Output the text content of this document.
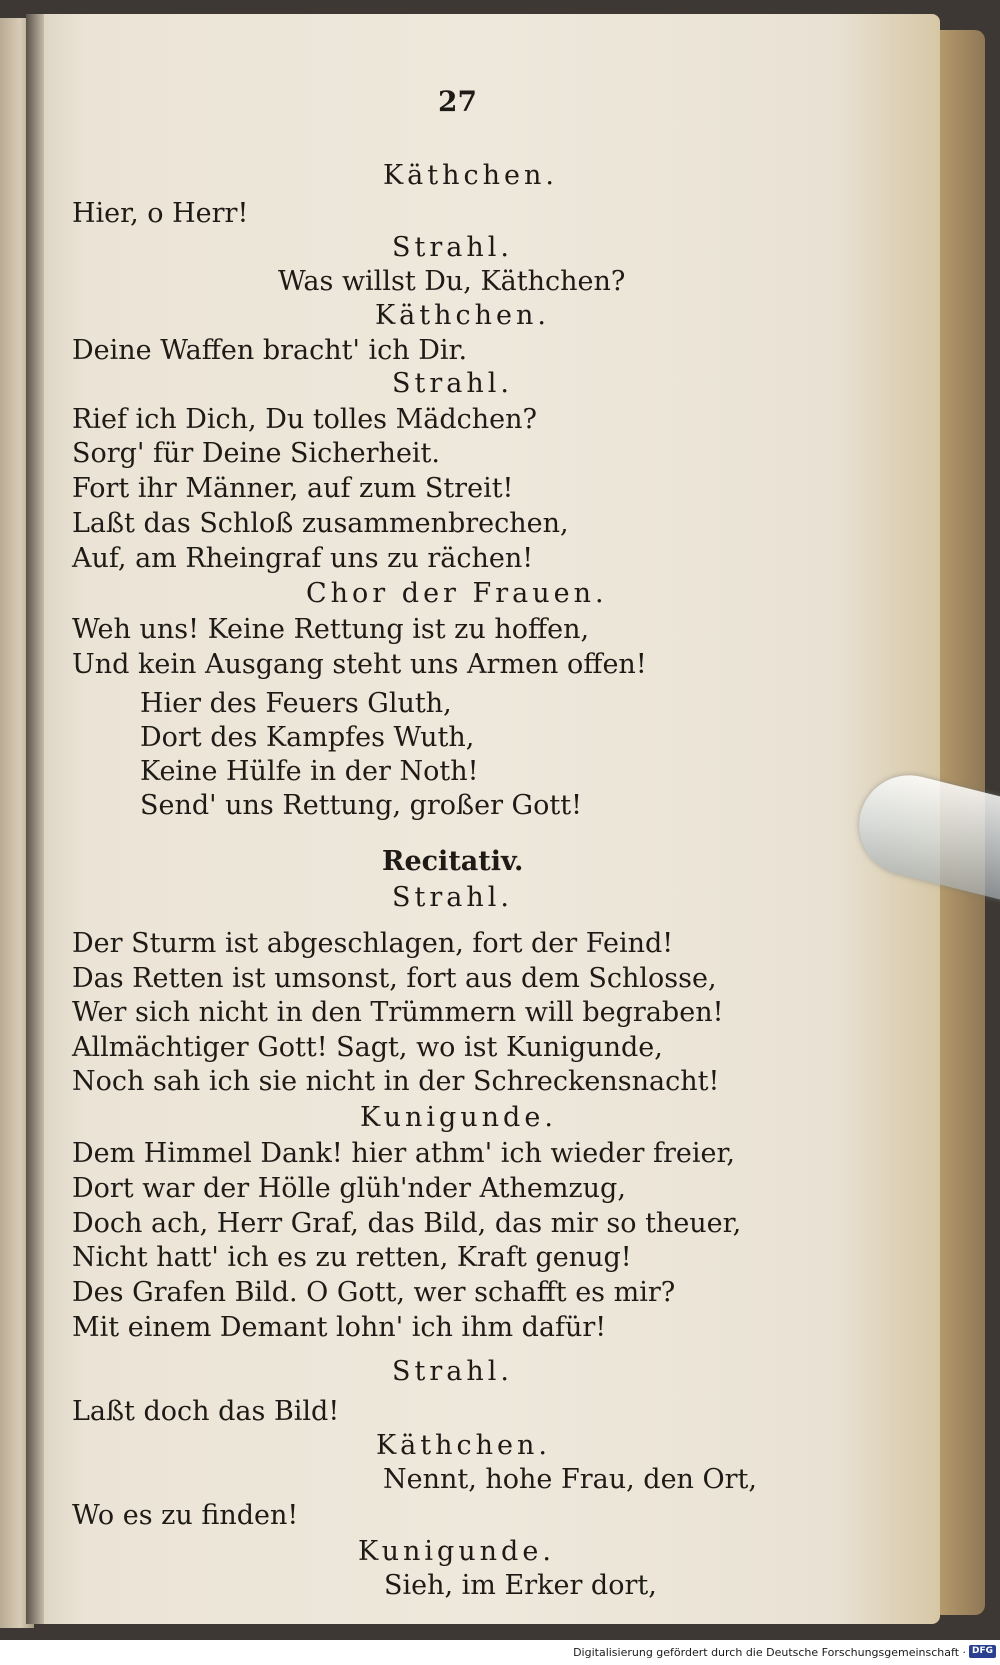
27
Käthchen.
Hier, o Herr!
Strahl.
Was willst Du, Käthchen?
Käthchen.
Deine Waffen bracht' ich Dir.
Strahl.
Rief ich Dich, Du tolles Mädchen?
Sorg' für Deine Sicherheit.
Fort ihr Männer, auf zum Streit!
Laßt das Schloß zusammenbrechen,
Auf, am Rheingraf uns zu rächen!
Chor der Frauen.
Weh uns! Keine Rettung ist zu hoffen,
Und kein Ausgang steht uns Armen offen!
Hier des Feuers Gluth,
Dort des Kampfes Wuth,
Keine Hülfe in der Noth!
Send' uns Rettung, großer Gott!
Recitativ.
Strahl.
Der Sturm ist abgeschlagen, fort der Feind!
Das Retten ist umsonst, fort aus dem Schlosse,
Wer sich nicht in den Trümmern will begraben!
Allmächtiger Gott! Sagt, wo ist Kunigunde,
Noch sah ich sie nicht in der Schreckensnacht!
Kunigunde.
Dem Himmel Dank! hier athm' ich wieder freier,
Dort war der Hölle glüh'nder Athemzug,
Doch ach, Herr Graf, das Bild, das mir so theuer,
Nicht hatt' ich es zu retten, Kraft genug!
Des Grafen Bild. O Gott, wer schafft es mir?
Mit einem Demant lohn' ich ihm dafür!
Strahl.
Laßt doch das Bild!
Käthchen.
Nennt, hohe Frau, den Ort,
Wo es zu finden!
Kunigunde.
Sieh, im Erker dort,
Digitalisierung gefördert durch die Deutsche Forschungsgemeinschaft · DFG
